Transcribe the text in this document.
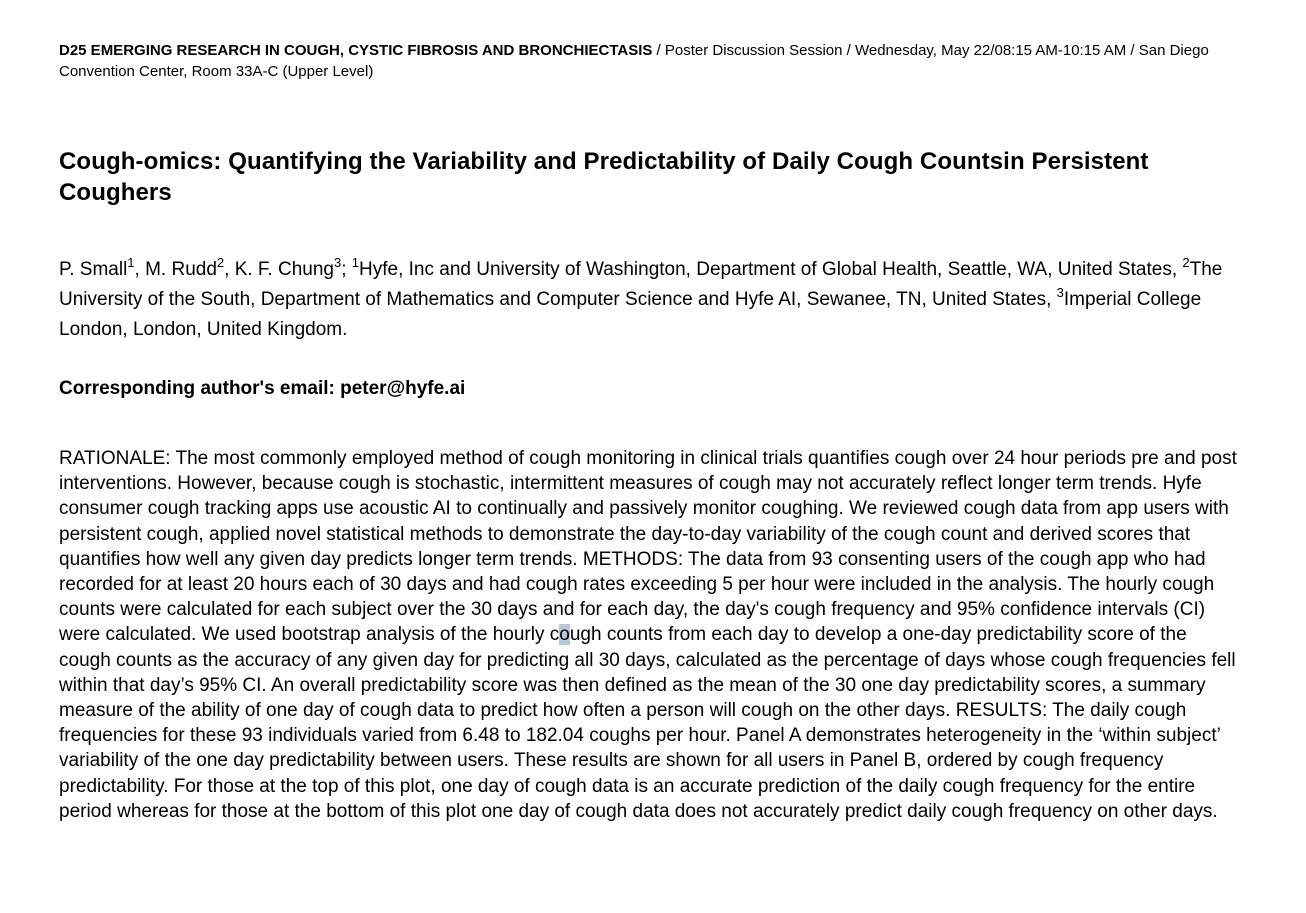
D25 EMERGING RESEARCH IN COUGH, CYSTIC FIBROSIS AND BRONCHIECTASIS / Poster Discussion Session / Wednesday, May 22/08:15 AM-10:15 AM / San Diego Convention Center, Room 33A-C (Upper Level)

Cough-omics: Quantifying the Variability and Predictability of Daily Cough Countsin Persistent Coughers

P. Small$^1$, M. Rudd$^2$, K. F. Chung$^3$; $^1$Hyfe, Inc and University of Washington, Department of Global Health, Seattle, WA, United States, $^2$The University of the South, Department of Mathematics and Computer Science and Hyfe AI, Sewanee, TN, United States, $^3$Imperial College London, London, United Kingdom.

Corresponding author's email: peter@hyfe.ai

RATIONALE: The most commonly employed method of cough monitoring in clinical trials quantifies cough over 24 hour periods pre and post interventions. However, because cough is stochastic, intermittent measures of cough may not accurately reflect longer term trends. Hyfe consumer cough tracking apps use acoustic AI to continually and passively monitor coughing. We reviewed cough data from app users with persistent cough, applied novel statistical methods to demonstrate the day-to-day variability of the cough count and derived scores that quantifies how well any given day predicts longer term trends. METHODS: The data from 93 consenting users of the cough app who had recorded for at least 20 hours each of 30 days and had cough rates exceeding 5 per hour were included in the analysis. The hourly cough counts were calculated for each subject over the 30 days and for each day, the day's cough frequency and 95% confidence intervals (CI) were calculated. We used bootstrap analysis of the hourly cough counts from each day to develop a one-day predictability score of the cough counts as the accuracy of any given day for predicting all 30 days, calculated as the percentage of days whose cough frequencies fell within that day’s 95% CI. An overall predictability score was then defined as the mean of the 30 one day predictability scores, a summary measure of the ability of one day of cough data to predict how often a person will cough on the other days. RESULTS: The daily cough frequencies for these 93 individuals varied from 6.48 to 182.04 coughs per hour. Panel A demonstrates heterogeneity in the ‘within subject’ variability of the one day predictability between users. These results are shown for all users in Panel B, ordered by cough frequency predictability. For those at the top of this plot, one day of cough data is an accurate prediction of the daily cough frequency for the entire period whereas for those at the bottom of this plot one day of cough data does not accurately predict daily cough frequency on other days.
